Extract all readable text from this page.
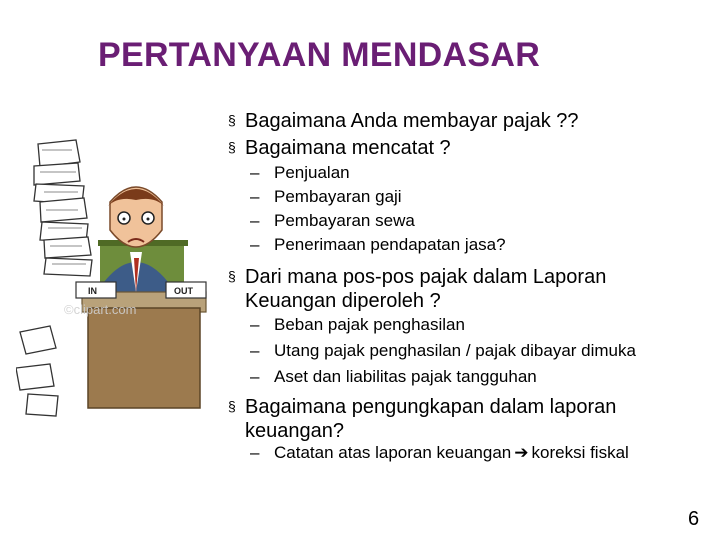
PERTANYAAN MENDASAR
IN	OUT
©clipart.com
§ Bagaimana Anda membayar pajak ??
§ Bagaimana mencatat ?
– Penjualan
– Pembayaran gaji
– Pembayaran sewa
– Penerimaan pendapatan jasa?
§ Dari mana pos-pos pajak dalam Laporan
Keuangan diperoleh ?
– Beban pajak penghasilan
– Utang pajak penghasilan / pajak dibayar dimuka
– Aset dan liabilitas pajak tangguhan
§ Bagaimana pengungkapan dalam laporan
keuangan?
– Catatan atas laporan keuangan ➔ koreksi fiskal
6
